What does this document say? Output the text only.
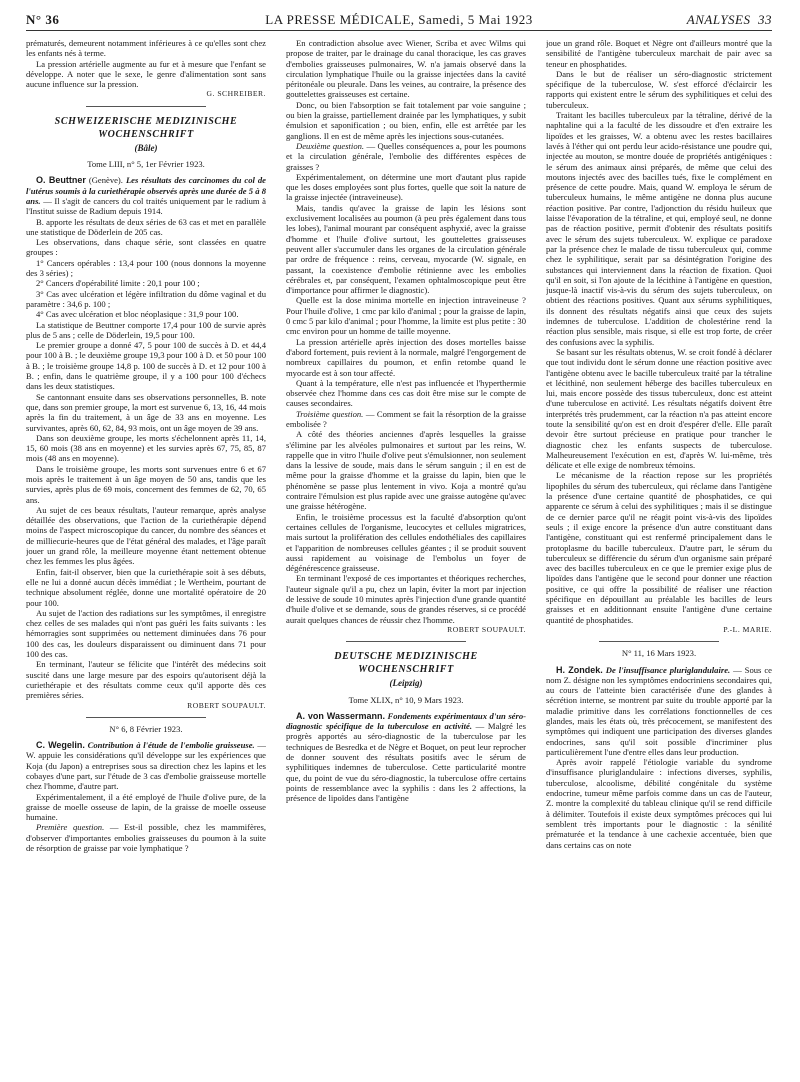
N° 36	LA PRESSE MÉDICALE, Samedi, 5 Mai 1923	ANALYSES 33

prématurés, demeurent notamment inférieures à ce qu'elles sont chez les enfants nés à terme.

La pression artérielle augmente au fur et à mesure que l'enfant se développe. A noter que le sexe, le genre d'alimentation sont sans aucune influence sur la pression.

G. SCHREIBER.
SCHWEIZERISCHE MEDIZINISCHE WOCHENSCHRIFT
(Bâle)
Tome LIII, n° 5, 1er Février 1923.

O. Beuttner (Genève). Les résultats des carcinomes du col de l'utérus soumis à la curiethérapie observés après une durée de 5 à 8 ans. — Il s'agit de cancers du col traités uniquement par le radium à l'Institut suisse de Radium depuis 1914.

B. apporte les résultats de deux séries de 63 cas et met en parallèle une statistique de Döderlein de 205 cas.

Les observations, dans chaque série, sont classées en quatre groupes :

1° Cancers opérables : 13,4 pour 100 (nous donnons la moyenne des 3 séries) ;

2° Cancers d'opérabilité limite : 20,1 pour 100 ;

3° Cas avec ulcération et légère infiltration du dôme vaginal et du paramètre : 34,6 p. 100 ;

4° Cas avec ulcération et bloc néoplasique : 31,9 pour 100.

La statistique de Beuttner comporte 17,4 pour 100 de survie après plus de 5 ans ; celle de Döderlein, 19,5 pour 100.

Le premier groupe a donné 47, 5 pour 100 de succès à D. et 44,4 pour 100 à B. ; le deuxième groupe 19,3 pour 100 à D. et 50 pour 100 à B. ; le troisième groupe 14,8 p. 100 de succès à D. et 12 pour 100 à B. ; enfin, dans le quatrième groupe, il y a 100 pour 100 d'échecs dans les deux statistiques.

Se cantonnant ensuite dans ses observations personnelles, B. note que, dans son premier groupe, la mort est survenue 6, 13, 16, 44 mois après la fin du traitement, à un âge de 33 ans en moyenne. Les survivantes, après 60, 62, 84, 93 mois, ont un âge moyen de 39 ans.

Dans son deuxième groupe, les morts s'échelonnent après 11, 14, 15, 60 mois (38 ans en moyenne) et les survies après 67, 75, 85, 87 mois (48 ans en moyenne).

Dans le troisième groupe, les morts sont survenues entre 6 et 67 mois après le traitement à un âge moyen de 50 ans, tandis que les survies, après plus de 69 mois, concernent des femmes de 62, 70, 65 ans.

Au sujet de ces beaux résultats, l'auteur remarque, après analyse détaillée des observations, que l'action de la curiethérapie dépend moins de l'aspect microscopique du cancer, du nombre des séances et de milliecurie-heures que de l'état général des malades, et l'âge paraît jouer un grand rôle, la meilleure moyenne étant nettement obtenue chez les femmes les plus âgées.

Enfin, fait-il observer, bien que la curiethérapie soit à ses débuts, elle ne lui a donné aucun décès immédiat ; le Wertheim, pourtant de technique absolument réglée, donne une mortalité opératoire de 20 pour 100.

Au sujet de l'action des radiations sur les symptômes, il enregistre chez celles de ses malades qui n'ont pas guéri les faits suivants : les hémorragies sont supprimées ou nettement diminuées dans 76 pour 100 des cas, les douleurs disparaissent ou diminuent dans 71 pour 100 des cas.

En terminant, l'auteur se félicite que l'intérêt des médecins soit suscité dans une large mesure par des espoirs qu'autorisent déjà la curiethérapie et des résultats comme ceux qu'il apporte dès ces premières séries.

ROBERT SOUPAULT.
N° 6, 8 Février 1923.

C. Wegelin. Contribution à l'étude de l'embolie graisseuse. — W. appuie les considérations qu'il développe sur les expériences que Koja (du Japon) a entreprises sous sa direction chez les lapins et les cobayes d'une part, sur l'étude de 3 cas d'embolie graisseuse mortelle chez l'homme, d'autre part.

Expérimentalement, il a été employé de l'huile d'olive pure, de la graisse de moelle osseuse de lapin, de la graisse de moelle osseuse humaine.

Première question. — Est-il possible, chez les mammifères, d'observer d'importantes embolies graisseuses du poumon à la suite de résorption de graisse par voie lymphatique ?

En contradiction absolue avec Wiener, Scriba et avec Wilms qui propose de traiter, par le drainage du canal thoracique, les cas graves d'embolies graisseuses pulmonaires, W. n'a jamais observé dans la circulation lymphatique l'huile ou la graisse injectées dans la cavité péritonéale ou pleurale. Dans les veines, au contraire, la présence des gouttelettes graisseuses est certaine.

Donc, ou bien l'absorption se fait totalement par voie sanguine ; ou bien la graisse, partiellement drainée par les lymphatiques, y subit émulsion et saponification ; ou bien, enfin, elle est arrêtée par les ganglions. Il en est de même après les injections sous-cutanées.

Deuxième question. — Quelles conséquences a, pour les poumons et la circulation générale, l'embolie des différentes espèces de graisses ?

Expérimentalement, on détermine une mort d'autant plus rapide que les doses employées sont plus fortes, quelle que soit la nature de la graisse injectée (intraveineuse).

Mais, tandis qu'avec la graisse de lapin les lésions sont exclusivement localisées au poumon (à peu près également dans tous les lobes), l'animal mourant par conséquent asphyxié, avec la graisse d'homme et l'huile d'olive surtout, les gouttelettes graisseuses peuvent aller s'accumuler dans les organes de la circulation générale par ordre de fréquence : reins, cerveau, myocarde (W. signale, en passant, la coexistence d'embolie rétinienne avec les embolies cérébrales et, par conséquent, l'examen ophtalmoscopique peut être d'importance pour affirmer le diagnostic).

Quelle est la dose minima mortelle en injection intraveineuse ? Pour l'huile d'olive, 1 cmc par kilo d'animal ; pour la graisse de lapin, 0 cmc 5 par kilo d'animal ; pour l'homme, la limite est plus petite : 30 cmc environ pour un homme de taille moyenne.

La pression artérielle après injection des doses mortelles baisse d'abord fortement, puis revient à la normale, malgré l'engorgement de nombreux capillaires du poumon, et enfin retombe quand le myocarde est à son tour affecté.

Quant à la température, elle n'est pas influencée et l'hyperthermie observée chez l'homme dans ces cas doit être mise sur le compte de causes secondaires.

Troisième question. — Comment se fait la résorption de la graisse embolisée ?

A côté des théories anciennes d'après lesquelles la graisse s'élimine par les alvéoles pulmonaires et surtout par les reins, W. rappelle que in vitro l'huile d'olive peut s'émulsionner, non seulement dans la lessive de soude, mais dans le sérum sanguin ; il en est de même pour la graisse d'homme et la graisse du lapin, bien que le phénomène se passe plus lentement in vivo. Koja a montré qu'au contraire l'émulsion est plus rapide avec une graisse autogène qu'avec une graisse hétérogène.

Enfin, le troisième processus est la faculté d'absorption qu'ont certaines cellules de l'organisme, leucocytes et cellules migratrices, mais surtout la prolifération des cellules endothéliales des capillaires et l'apparition de nombreuses cellules géantes ; il se produit souvent aussi rapidement au voisinage de l'embolus un foyer de dégénérescence graisseuse.

En terminant l'exposé de ces importantes et théoriques recherches, l'auteur signale qu'il a pu, chez un lapin, éviter la mort par injection de lessive de soude 10 minutes après l'injection d'une grande quantité d'huile d'olive et se demande, sous de grandes réserves, si ce procédé aurait quelques chances de réussir chez l'homme.

ROBERT SOUPAULT.
DEUTSCHE MEDIZINISCHE WOCHENSCHRIFT
(Leipzig)
Tome XLIX, n° 10, 9 Mars 1923.

A. von Wassermann. Fondements expérimentaux d'un séro-diagnostic spécifique de la tuberculose en activité. — Malgré les progrès apportés au séro-diagnostic de la tuberculose par les techniques de Besredka et de Nègre et Boquet, on peut leur reprocher de donner souvent des résultats positifs avec le sérum de syphilitiques indemnes de tuberculose. Cette particularité montre que, du point de vue du séro-diagnostic, la tuberculose offre certains points de ressemblance avec la syphilis : dans les 2 affections, la présence de lipoïdes dans l'antigène

joue un grand rôle. Boquet et Nègre ont d'ailleurs montré que la sensibilité de l'antigène tuberculeux marchait de pair avec sa teneur en phosphatides.

Dans le but de réaliser un séro-diagnostic strictement spécifique de la tuberculose, W. s'est efforcé d'éclaircir les rapports qui existent entre le sérum des syphilitiques et celui des tuberculeux.

Traitant les bacilles tuberculeux par la tétraline, dérivé de la naphtaline qui a la faculté de les dissoudre et d'en extraire les lipoïdes et les graisses, W. a obtenu avec les restes bacillaires lavés à l'éther qui ont perdu leur acido-résistance une poudre qui, injectée au mouton, se montre douée de propriétés antigéniques : le sérum des animaux ainsi préparés, de même que celui des moutons injectés avec des bacilles tués, fixe le complément en présence de cette poudre. Mais, quand W. employa le sérum de tuberculeux humains, le même antigène ne donna plus aucune réaction positive. Par contre, l'adjonction du résidu huileux que laisse l'évaporation de la tétraline, et qui, employé seul, ne donne pas de réaction positive, permit d'obtenir des résultats positifs avec le sérum des sujets tuberculeux. W. explique ce paradoxe par la présence chez le malade de tissu tuberculeux qui, comme chez le syphilitique, serait par sa désintégration l'origine des substances qui interviennent dans la réaction de fixation. Quoi qu'il en soit, si l'on ajoute de la lécithine à l'antigène en question, jusque-là inactif vis-à-vis du sérum des sujets tuberculeux, on obtient des réactions positives. Quant aux sérums syphilitiques, ils donnent des résultats négatifs ainsi que ceux des sujets indemnes de tuberculose. L'addition de cholestérine rend la réaction plus sensible, mais risque, si elle est trop forte, de créer des confusions avec la syphilis.

Se basant sur les résultats obtenus, W. se croit fondé à déclarer que tout individu dont le sérum donne une réaction positive avec l'antigène obtenu avec le bacille tuberculeux traité par la tétraline et lécithiné, non seulement héberge des bacilles tuberculeux en lui, mais encore possède des tissus tuberculeux, donc est atteint d'une tuberculose en activité. Les résultats négatifs doivent être interprétés très prudemment, car la réaction n'a pas atteint encore toute la sensibilité qu'on est en droit d'espérer d'elle. Elle paraît devoir être surtout précieuse en pratique pour trancher le diagnostic chez les enfants suspects de tuberculose. Malheureusement l'exécution en est, d'après W. lui-même, très délicate et elle exige de nombreux témoins.

Le mécanisme de la réaction repose sur les propriétés lipophiles du sérum des tuberculeux, qui réclame dans l'antigène la présence d'une certaine quantité de phosphatides, ce qui apparente ce sérum à celui des syphilitiques ; mais il se distingue de ce dernier parce qu'il ne réagit point vis-à-vis des lipoïdes seuls ; il exige encore la présence d'un autre constituant dans l'antigène, constituant qui est renfermé principalement dans le protoplasme du bacille tuberculeux. D'autre part, le sérum du tuberculeux se différencie du sérum d'un organisme sain préparé avec des bacilles tuberculeux en ce que le premier exige plus de lipoïdes dans l'antigène que le second pour donner une réaction positive, ce qui offre la possibilité de réaliser une réaction spécifique en dépouillant au préalable les bacilles de leurs graisses et en additionnant ensuite l'antigène d'une certaine quantité de phosphatides.

P.-L. MARIE.
N° 11, 16 Mars 1923.

H. Zondek. De l'insuffisance pluriglandulaire. — Sous ce nom Z. désigne non les symptômes endocriniens secondaires qui, au cours de l'atteinte bien caractérisée d'une des glandes à sécrétion interne, se montrent par suite du trouble apporté par la maladie primitive dans les corrélations fonctionnelles de ces glandes, mais les états où, très précocement, se manifestent des symptômes qui indiquent une participation des diverses glandes endocrines, sans qu'il soit possible d'incriminer plus particulièrement l'une d'entre elles dans leur production.

Après avoir rappelé l'étiologie variable du syndrome d'insuffisance pluriglandulaire : infections diverses, syphilis, tuberculose, alcoolisme, débilité congénitale du système endocrine, tumeur même parfois comme dans un cas de l'auteur, Z. montre la complexité du tableau clinique qu'il se rend difficile à délimiter. Toutefois il existe deux symptômes précoces qui lui semblent très importants pour le diagnostic : la sénilité prématurée et la tendance à une cachexie accentuée, bien que dans certains cas on note
